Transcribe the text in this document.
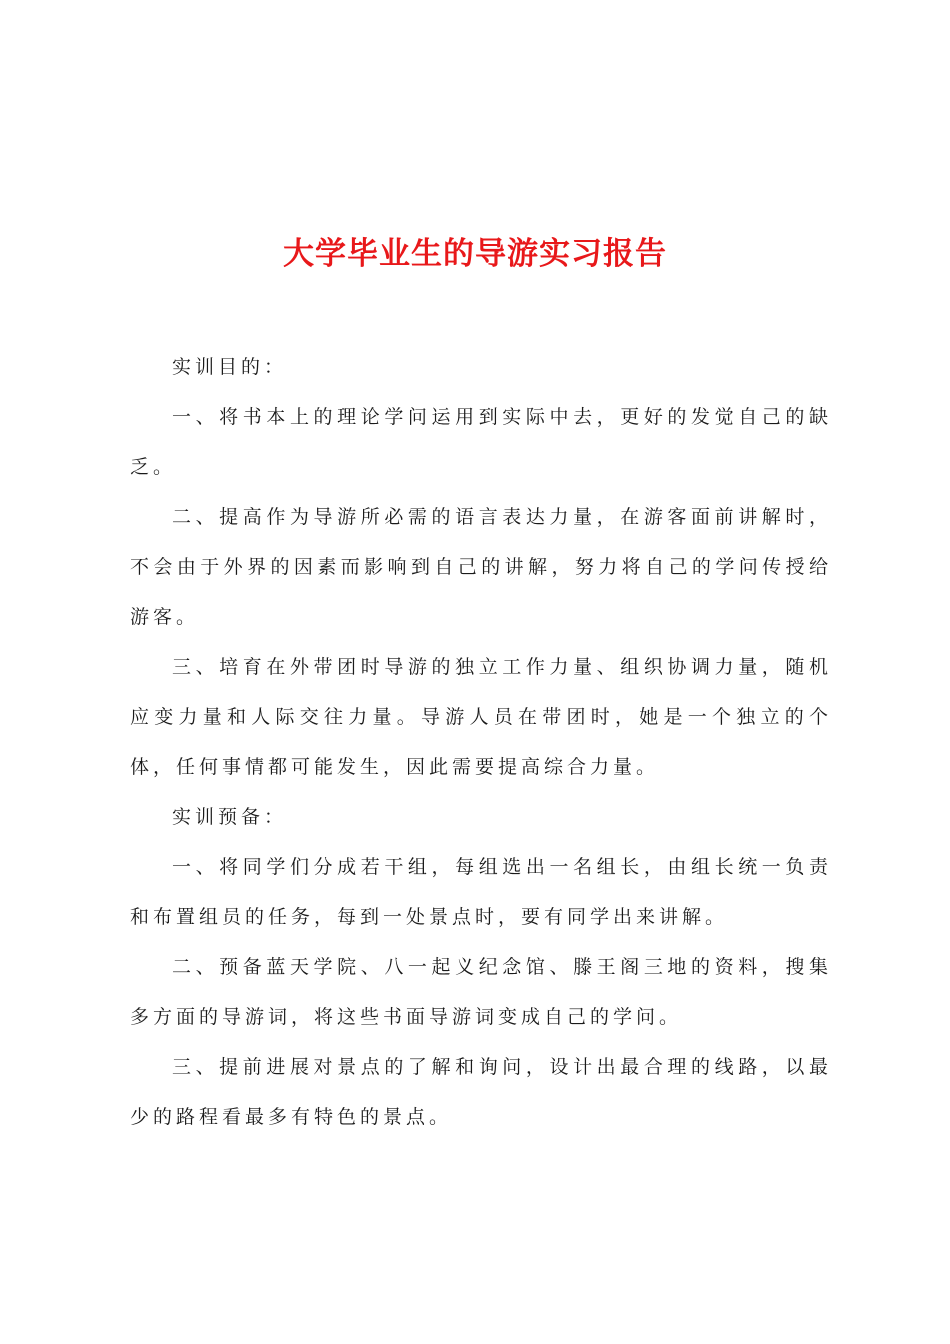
大学毕业生的导游实习报告

实训目的：

一、将书本上的理论学问运用到实际中去，更好的发觉自己的缺乏。

二、提高作为导游所必需的语言表达力量，在游客面前讲解时，不会由于外界的因素而影响到自己的讲解，努力将自己的学问传授给游客。

三、培育在外带团时导游的独立工作力量、组织协调力量，随机应变力量和人际交往力量。导游人员在带团时，她是一个独立的个体，任何事情都可能发生，因此需要提高综合力量。

实训预备：

一、将同学们分成若干组，每组选出一名组长，由组长统一负责和布置组员的任务，每到一处景点时，要有同学出来讲解。

二、预备蓝天学院、八一起义纪念馆、滕王阁三地的资料，搜集多方面的导游词，将这些书面导游词变成自己的学问。

三、提前进展对景点的了解和询问，设计出最合理的线路，以最少的路程看最多有特色的景点。
